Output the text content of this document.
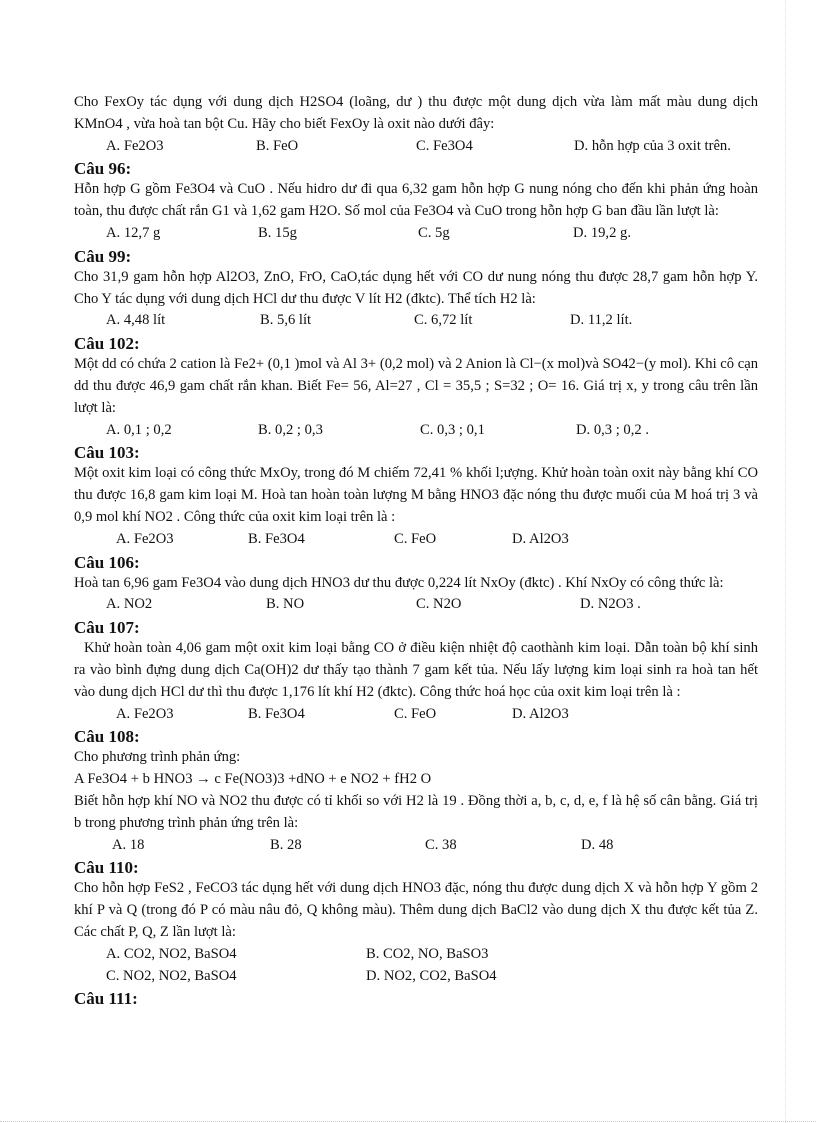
Cho FexOy tác dụng với dung dịch H2SO4 (loãng, dư ) thu được một dung dịch vừa làm mất màu dung dịch KMnO4 , vừa hoà tan bột Cu. Hãy cho biết FexOy là oxit nào dưới đây:

A. Fe2O3	B. FeO	C. Fe3O4	D. hỗn hợp của 3 oxit trên.
Câu 96:

Hỗn hợp G gồm Fe3O4 và CuO . Nếu hidro dư đi qua 6,32 gam hỗn hợp G nung nóng cho đến khi phản ứng hoàn toàn, thu được chất rắn G1 và 1,62 gam H2O. Số mol của Fe3O4 và CuO trong hỗn hợp G ban đầu lần lượt là:

A. 12,7 g	B. 15g	C. 5g	D. 19,2 g.
Câu 99:

Cho 31,9 gam hỗn hợp Al2O3, ZnO, FrO, CaO,tác dụng hết với CO dư nung nóng thu được 28,7 gam hỗn hợp Y. Cho Y tác dụng với dung dịch HCl dư thu được V lít H2 (đktc). Thể tích H2 là:

A. 4,48 lít	B. 5,6 lít	C. 6,72 lít	D. 11,2 lít.
Câu 102:

Một dd có chứa 2 cation là Fe2+ (0,1 )mol và Al 3+ (0,2 mol) và 2 Anion là Cl−(x mol)và SO42−(y mol). Khi cô cạn dd thu được 46,9 gam chất rắn khan. Biết Fe= 56, Al=27 , Cl = 35,5 ; S=32 ; O= 16. Giá trị x, y trong câu trên lần lượt là:

A. 0,1 ; 0,2	B. 0,2 ; 0,3	C. 0,3 ; 0,1	D. 0,3 ; 0,2 .
Câu 103:

Một oxit kim loại có công thức MxOy, trong đó M chiếm 72,41 % khối l;ượng. Khử hoàn toàn oxit này bằng khí CO thu được 16,8 gam kim loại M. Hoà tan hoàn toàn lượng M bằng HNO3 đặc nóng thu được muối của M hoá trị 3 và 0,9 mol khí NO2 . Công thức của oxit kim loại trên là :

A. Fe2O3	B. Fe3O4	C. FeO	D. Al2O3
Câu 106:

Hoà tan 6,96 gam Fe3O4 vào dung dịch HNO3 dư thu được 0,224 lít NxOy (đktc) . Khí NxOy có công thức là:

A. NO2	B. NO	C. N2O	D. N2O3 .
Câu 107:

Khử hoàn toàn 4,06 gam một oxit kim loại bằng CO ở điều kiện nhiệt độ caothành kim loại. Dẫn toàn bộ khí sinh ra vào bình đựng dung dịch Ca(OH)2 dư thấy tạo thành 7 gam kết tủa. Nếu lấy lượng kim loại sinh ra hoà tan hết vào dung dịch HCl dư thì thu được 1,176 lít khí H2 (đktc). Công thức hoá học của oxit kim loại trên là :

A. Fe2O3	B. Fe3O4	C. FeO	D. Al2O3
Câu 108:

Cho phương trình phản ứng:

A Fe3O4 + b HNO3 → c Fe(NO3)3 +dNO + e NO2 + fH2 O

Biết hỗn hợp khí NO và NO2 thu được có tỉ khối so với H2 là 19 . Đồng thời a, b, c, d, e, f là hệ số cân bằng. Giá trị b trong phương trình phản ứng trên là:

A. 18	B. 28	C. 38	D. 48
Câu 110:

Cho hỗn hợp FeS2 , FeCO3 tác dụng hết với dung dịch HNO3 đặc, nóng thu được dung dịch X và hỗn hợp Y gồm 2 khí P và Q (trong đó P có màu nâu đỏ, Q không màu). Thêm dung dịch BaCl2 vào dung dịch X thu được kết tủa Z. Các chất P, Q, Z lần lượt là:

A. CO2, NO2, BaSO4	B. CO2, NO, BaSO3
C. NO2, NO2, BaSO4	D. NO2, CO2, BaSO4
Câu 111:
